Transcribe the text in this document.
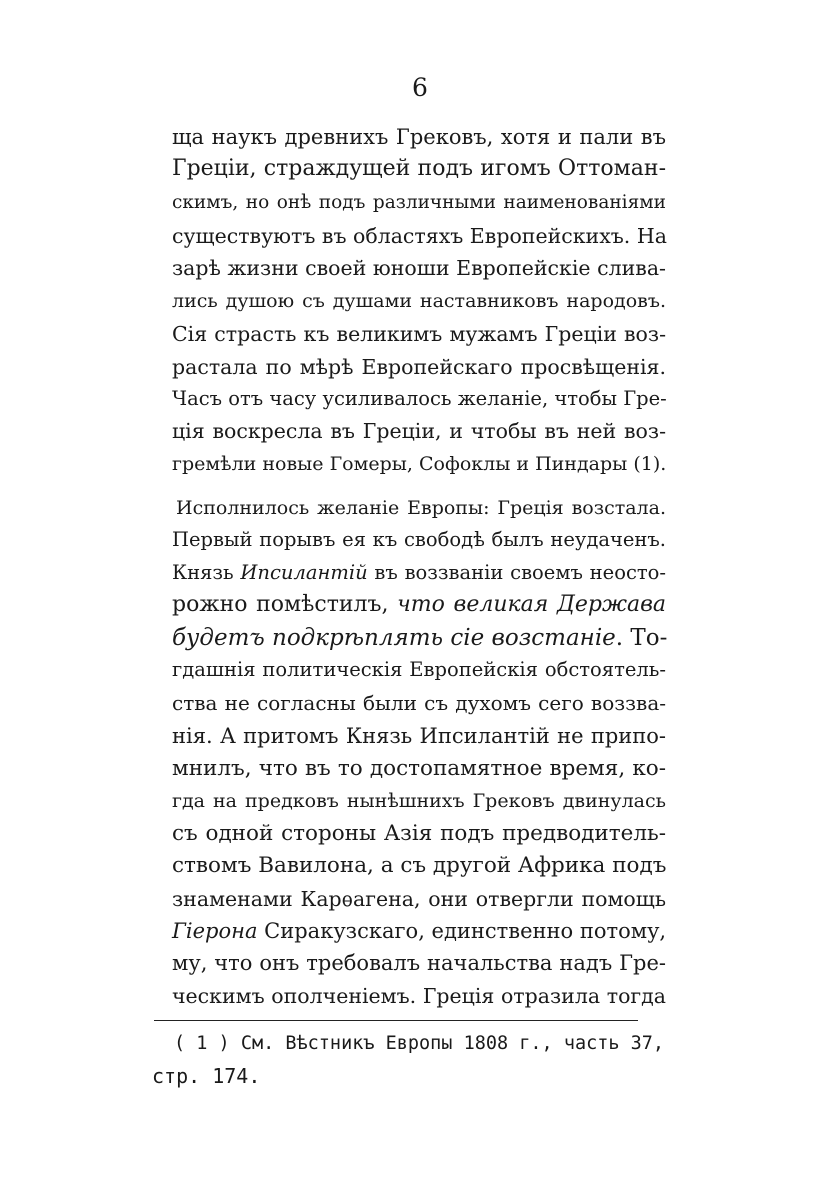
6
ща наукъ древнихъ Грековъ, хотя и пали въ
Греціи, страждущей подъ игомъ Оттоман-
скимъ, но онѣ подъ различными наименованіями
существуютъ въ областяхъ Европейскихъ. На
зарѣ жизни своей юноши Европейскіе слива-
лись душою съ душами наставниковъ народовъ.
Сія страсть къ великимъ мужамъ Греціи воз-
растала по мѣрѣ Европейскаго просвѣщенія.
Часъ отъ часу усиливалось желаніе, чтобы Гре-
ція воскресла въ Греціи, и чтобы въ ней воз-
гремѣли новые Гомеры, Софоклы и Пиндары (1).
Исполнилось желаніе Европы: Греція возстала.
Первый порывъ ея къ свободѣ былъ неудаченъ.
Князь Ипсилантій въ воззваніи своемъ неосто-
рожно помѣстилъ, что великая Держава
будетъ подкрѣплять сіе возстаніе. То-
гдашнія политическія Европейскія обстоятель-
ства не согласны были съ духомъ сего воззва-
нія. А притомъ Князь Ипсилантій не припо-
мнилъ, что въ то достопамятное время, ко-
гда на предковъ нынѣшнихъ Грековъ двинулась
съ одной стороны Азія подъ предводитель-
ствомъ Вавилона, а съ другой Африка подъ
знаменами Карѳагена, они отвергли помощь
Гіерона Сиракузскаго, единственно потому,
му, что онъ требовалъ начальства надъ Гре-
ческимъ ополченіемъ. Греція отразила тогда
( 1 ) См. Вѣстникъ Европы 1808 г., часть 37,
стр. 174.
